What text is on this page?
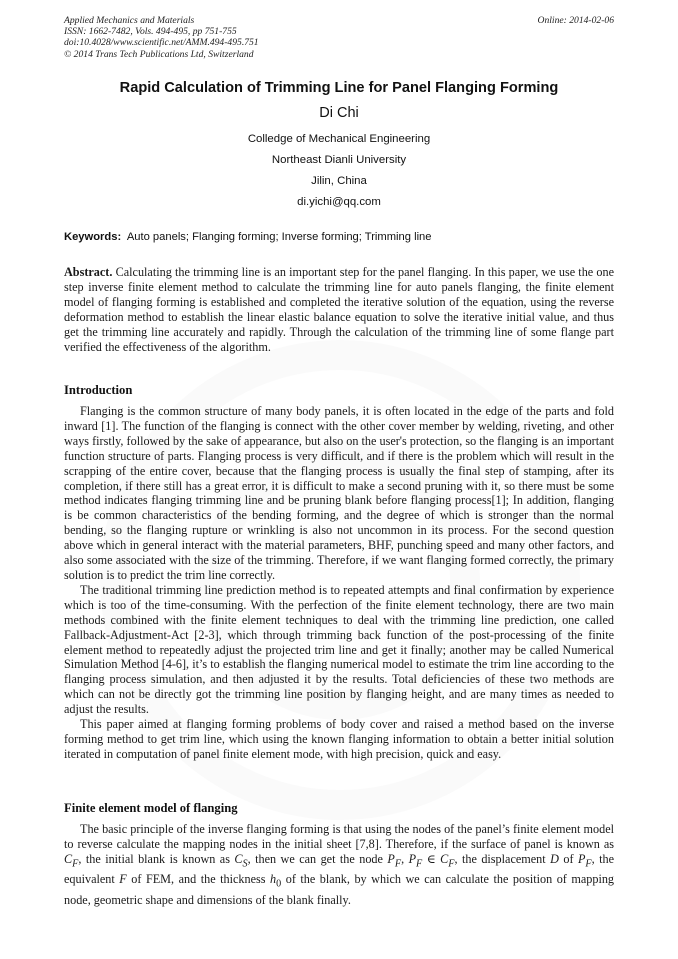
Applied Mechanics and Materials
ISSN: 1662-7482, Vols. 494-495, pp 751-755
doi:10.4028/www.scientific.net/AMM.494-495.751
© 2014 Trans Tech Publications Ltd, Switzerland
Online: 2014-02-06
Rapid Calculation of Trimming Line for Panel Flanging Forming
Di Chi
Colledge of Mechanical Engineering
Northeast Dianli University
Jilin, China
di.yichi@qq.com
Keywords: Auto panels; Flanging forming; Inverse forming; Trimming line

Abstract. Calculating the trimming line is an important step for the panel flanging. In this paper, we use the one step inverse finite element method to calculate the trimming line for auto panels flanging, the finite element model of flanging forming is established and completed the iterative solution of the equation, using the reverse deformation method to establish the linear elastic balance equation to solve the iterative initial value, and thus get the trimming line accurately and rapidly. Through the calculation of the trimming line of some flange part verified the effectiveness of the algorithm.

Introduction

Flanging is the common structure of many body panels, it is often located in the edge of the parts and fold inward [1]. The function of the flanging is connect with the other cover member by welding, riveting, and other ways firstly, followed by the sake of appearance, but also on the user's protection, so the flanging is an important function structure of parts. Flanging process is very difficult, and if there is the problem which will result in the scrapping of the entire cover, because that the flanging process is usually the final step of stamping, after its completion, if there still has a great error, it is difficult to make a second pruning with it, so there must be some method indicates flanging trimming line and be pruning blank before flanging process[1]; In addition, flanging is be common characteristics of the bending forming, and the degree of which is stronger than the normal bending, so the flanging rupture or wrinkling is also not uncommon in its process. For the second question above which in general interact with the material parameters, BHF, punching speed and many other factors, and also some associated with the size of the trimming. Therefore, if we want flanging formed correctly, the primary solution is to predict the trim line correctly.

The traditional trimming line prediction method is to repeated attempts and final confirmation by experience which is too of the time-consuming. With the perfection of the finite element technology, there are two main methods combined with the finite element techniques to deal with the trimming line prediction, one called Fallback-Adjustment-Act [2-3], which through trimming back function of the post-processing of the finite element method to repeatedly adjust the projected trim line and get it finally; another may be called Numerical Simulation Method [4-6], it’s to establish the flanging numerical model to estimate the trim line according to the flanging process simulation, and then adjusted it by the results. Total deficiencies of these two methods are which can not be directly got the trimming line position by flanging height, and are many times as needed to adjust the results.

This paper aimed at flanging forming problems of body cover and raised a method based on the inverse forming method to get trim line, which using the known flanging information to obtain a better initial solution iterated in computation of panel finite element mode, with high precision, quick and easy.

Finite element model of flanging

The basic principle of the inverse flanging forming is that using the nodes of the panel’s finite element model to reverse calculate the mapping nodes in the initial sheet [7,8]. Therefore, if the surface of panel is known as $C_F$, the initial blank is known as $C_S$, then we can get the node $P_F$, $P_F$ ∈ $C_F$, the displacement D of $P_F$, the equivalent F of FEM, and the thickness $h_0$ of the blank, by which we can calculate the position of mapping node, geometric shape and dimensions of the blank finally.
